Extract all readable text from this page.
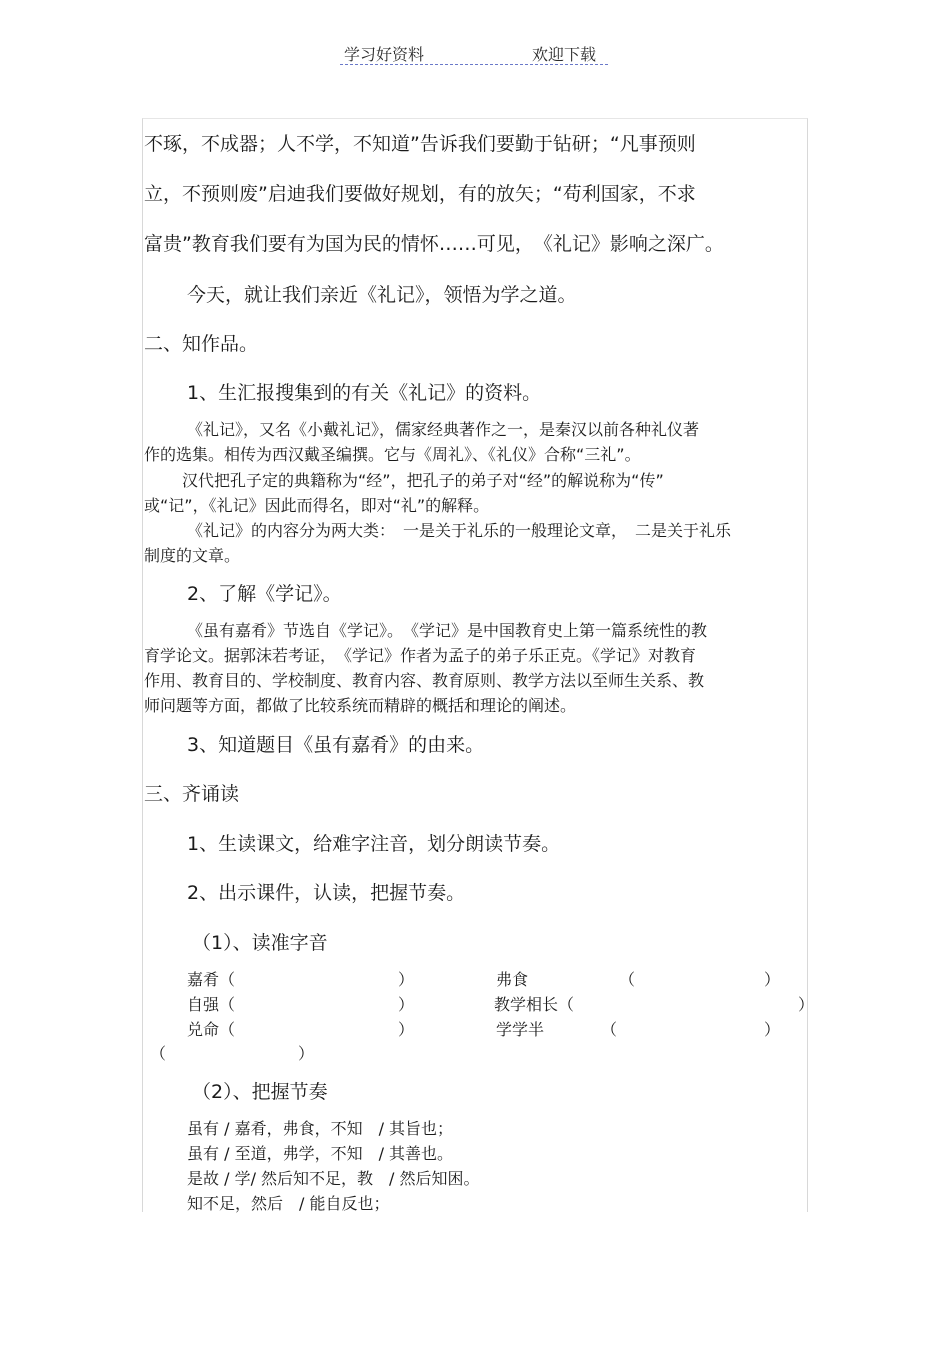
学习好资料	欢迎下载
不琢，不成器；人不学，不知道”告诉我们要勤于钻研；“凡事预则
立，不预则废”启迪我们要做好规划，有的放矢；“苟利国家，不求
富贵”教育我们要有为国为民的情怀……可见，　《礼记》影响之深广。
今天，就让我们亲近《礼记》，领悟为学之道。
二、知作品。
1、生汇报搜集到的有关《礼记》的资料。
《礼记》，又名《小戴礼记》，儒家经典著作之一，是秦汉以前各种礼仪著
作的选集。相传为西汉戴圣编撰。它与《周礼》、《礼仪》合称“三礼”。
汉代把孔子定的典籍称为“经”，把孔子的弟子对“经”的解说称为“传”
或“记”，《礼记》因此而得名，即对“礼”的解释。
《礼记》的内容分为两大类：　一是关于礼乐的一般理论文章，　二是关于礼乐
制度的文章。
2、了解《学记》。
《虽有嘉肴》节选自《学记》。　《学记》是中国教育史上第一篇系统性的教
育学论文。据郭沫若考证，　《学记》作者为孟子的弟子乐正克。《学记》对教育
作用、教育目的、学校制度、教育内容、教育原则、教学方法以至师生关系、教
师问题等方面，都做了比较系统而精辟的概括和理论的阐述。
3、知道题目《虽有嘉肴》的由来。
三、齐诵读
1、生读课文，给难字注音，划分朗读节奏。
2、出示课件，认读，把握节奏。
（1）、读准字音
嘉肴（	）	弗食	（	）
自强（	）	教学相长（	）
兑命（	）	学学半	（	）
（	）
（2）、把握节奏
虽有 / 嘉肴，弗食，不知　/ 其旨也；
虽有 / 至道，弗学，不知　/ 其善也。
是故 / 学/ 然后知不足，教　/ 然后知困。
知不足，然后　/ 能自反也；
